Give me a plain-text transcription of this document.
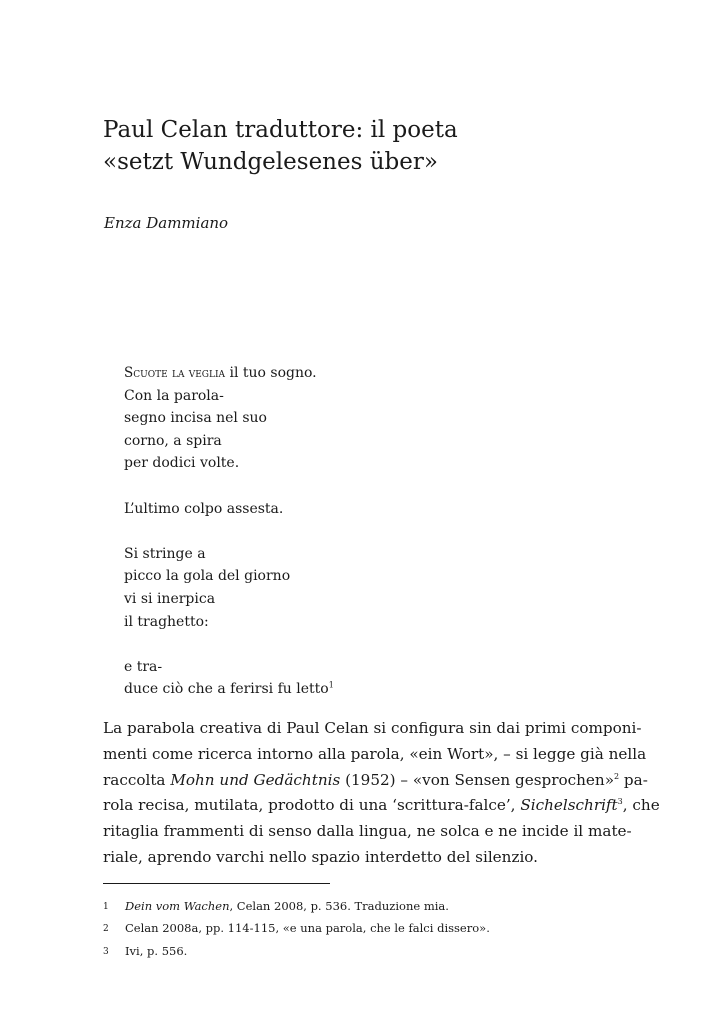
Paul Celan traduttore: il poeta
«setzt Wundgelesenes über»
Enza Dammiano
Scuote la veglia il tuo sogno.
Con la parola-
segno incisa nel suo
corno, a spira
per dodici volte.
L’ultimo colpo assesta.
Si stringe a
picco la gola del giorno
vi si inerpica
il traghetto:
e tra-
duce ciò che a ferirsi fu letto$^1$
La parabola creativa di Paul Celan si configura sin dai primi componi-
menti come ricerca intorno alla parola, «ein Wort», – si legge già nella
raccolta Mohn und Gedächtnis (1952) – «von Sensen gesprochen»$^2$ pa-
rola recisa, mutilata, prodotto di una ‘scrittura-falce’, Sichelschrift$^3$, che
ritaglia frammenti di senso dalla lingua, ne solca e ne incide il mate-
riale, aprendo varchi nello spazio interdetto del silenzio.
1 Dein vom Wachen, Celan 2008, p. 536. Traduzione mia.
2 Celan 2008a, pp. 114-115, «e una parola, che le falci dissero».
3 Ivi, p. 556.
